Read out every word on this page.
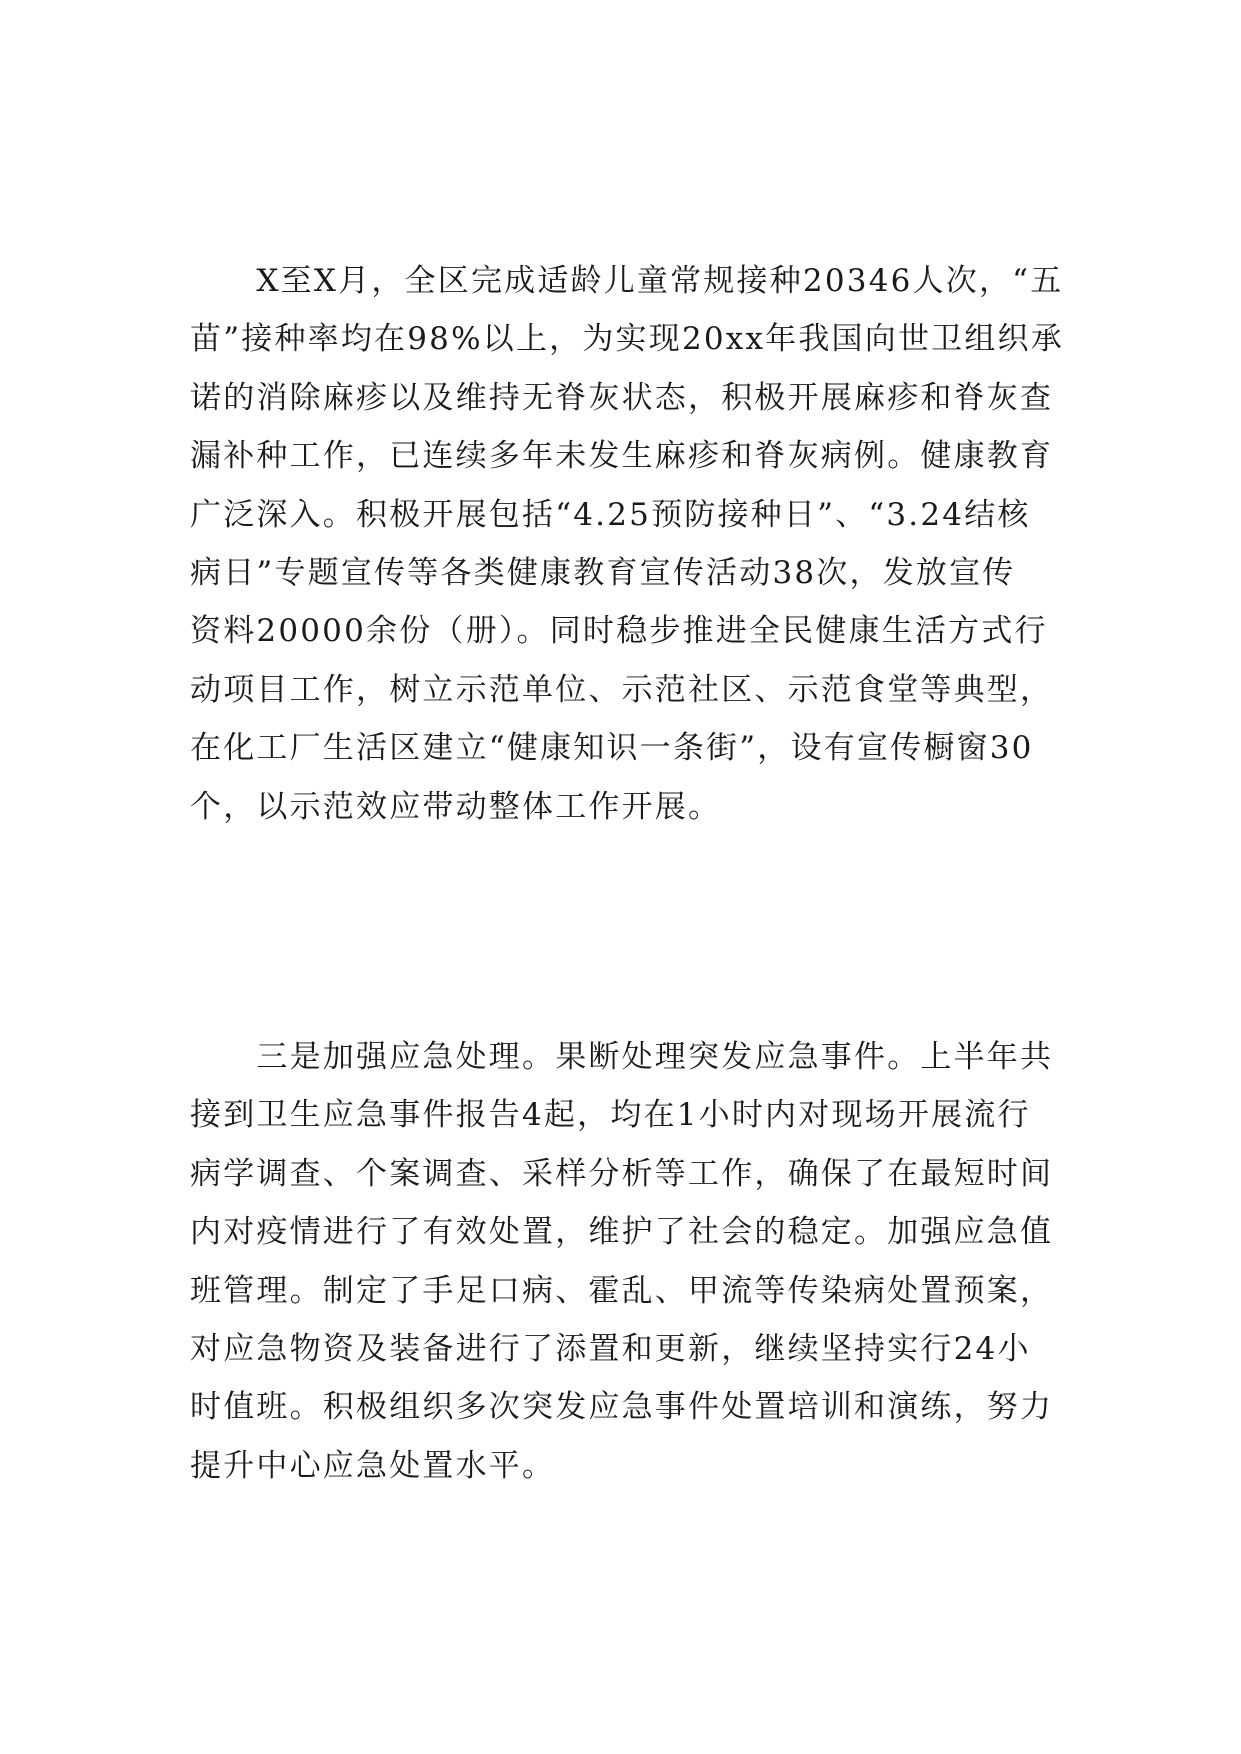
　　X至X月，全区完成适龄儿童常规接种20346人次，“五
苗”接种率均在98%以上，为实现20xx年我国向世卫组织承
诺的消除麻疹以及维持无脊灰状态，积极开展麻疹和脊灰查
漏补种工作，已连续多年未发生麻疹和脊灰病例。健康教育
广泛深入。积极开展包括“4.25预防接种日”、“3.24结核
病日”专题宣传等各类健康教育宣传活动38次，发放宣传
资料20000余份（册）。同时稳步推进全民健康生活方式行
动项目工作，树立示范单位、示范社区、示范食堂等典型，
在化工厂生活区建立“健康知识一条街”，设有宣传橱窗30
个，以示范效应带动整体工作开展。
　　三是加强应急处理。果断处理突发应急事件。上半年共
接到卫生应急事件报告4起，均在1小时内对现场开展流行
病学调查、个案调查、采样分析等工作，确保了在最短时间
内对疫情进行了有效处置，维护了社会的稳定。加强应急值
班管理。制定了手足口病、霍乱、甲流等传染病处置预案，
对应急物资及装备进行了添置和更新，继续坚持实行24小
时值班。积极组织多次突发应急事件处置培训和演练，努力
提升中心应急处置水平。
